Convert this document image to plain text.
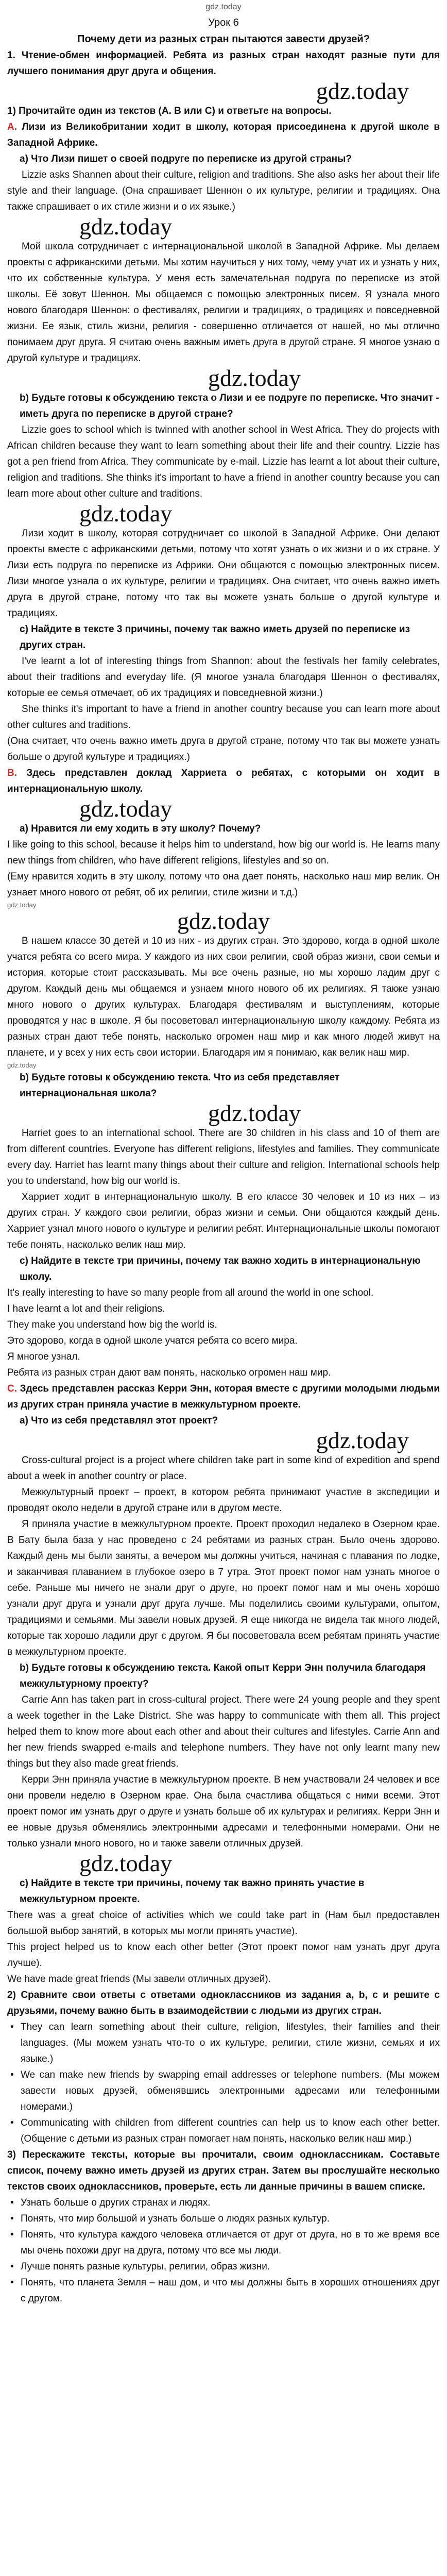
gdz.today
Урок 6
Почему дети из разных стран пытаются завести друзей?

1. Чтение-обмен информацией. Ребята из разных стран находят разные пути для лучшего понимания друг друга и общения.

gdz.today

1) Прочитайте один из текстов (A. B или C) и ответьте на вопросы.

A. Лизи из Великобритании ходит в школу, которая присоединена к другой школе в Западной Африке.

a) Что Лизи пишет о своей подруге по переписке из другой страны?

Lizzie asks Shannen about their culture, religion and traditions. She also asks her about their life style and their language. (Она спрашивает Шеннон о их культуре, религии и традициях. Она также спрашивает о их стиле жизни и о их языке.)

gdz.today

Мой школа сотрудничает с интернациональной школой в Западной Африке. Мы делаем проекты с африканскими детьми. Мы хотим научиться у них тому, чему учат их и узнать у них, что их собственные культура. У меня есть замечательная подруга по переписке из этой школы. Её зовут Шеннон. Мы общаемся с помощью электронных писем. Я узнала много нового благодаря Шеннон: о фестивалях, религии и традициях, о традициях и повседневной жизни. Ее язык, стиль жизни, религия - совершенно отличается от нашей, но мы отлично понимаем друг друга. Я считаю очень важным иметь друга в другой стране. Я многое узнаю о другой культуре и традициях.

gdz.today

b) Будьте готовы к обсуждению текста о Лизи и ее подруге по переписке. Что значит - иметь друга по переписке в другой стране?

Lizzie goes to school which is twinned with another school in West Africa. They do projects with African children because they want to learn something about their life and their country. Lizzie has got a pen friend from Africa. They communicate by e-mail. Lizzie has learnt a lot about their culture, religion and traditions. She thinks it's important to have a friend in another country because you can learn more about other culture and traditions.

gdz.today

Лизи ходит в школу, которая сотрудничает со школой в Западной Африке. Они делают проекты вместе с африканскими детьми, потому что хотят узнать о их жизни и о их стране. У Лизи есть подруга по переписке из Африки. Они общаются с помощью электронных писем. Лизи многое узнала о их культуре, религии и традициях. Она считает, что очень важно иметь друга в другой стране, потому что так вы можете узнать больше о другой культуре и традициях.

c) Найдите в тексте 3 причины, почему так важно иметь друзей по переписке из других стран.

I've learnt a lot of interesting things from Shannon: about the festivals her family celebrates, about their traditions and everyday life. (Я многое узнала благодаря Шеннон о фестивалях, которые ее семья отмечает, об их традициях и повседневной жизни.)

She thinks it's important to have a friend in another country because you can learn more about other cultures and traditions.

(Она считает, что очень важно иметь друга в другой стране, потому что так вы можете узнать больше о другой культуре и традициях.)

B. Здесь представлен доклад Харриета о ребятах, с которыми он ходит в интернациональную школу.

gdz.today

a) Нравится ли ему ходить в эту школу? Почему?

I like going to this school, because it helps him to understand, how big our world is. He learns many new things from children, who have different religions, lifestyles and so on.

(Ему нравится ходить в эту школу, потому что она дает понять, насколько наш мир велик. Он узнает много нового от ребят, об их религии, стиле жизни и т.д.)

gdz.today
gdz.today

В нашем классе 30 детей и 10 из них - из других стран. Это здорово, когда в одной школе учатся ребята со всего мира. У каждого из них свои религии, свой образ жизни, свои семьи и история, которые стоит рассказывать. Мы все очень разные, но мы хорошо ладим друг с другом. Каждый день мы общаемся и узнаем много нового об их религиях. Я также узнаю много нового о других культурах. Благодаря фестивалям и выступлениям, которые проводятся у нас в школе. Я бы посоветовал интернациональную школу каждому. Ребята из разных стран дают тебе понять, насколько огромен наш мир и как много людей живут на планете, и у всех у них есть свои истории. Благодаря им я понимаю, как велик наш мир.

gdz.today

b) Будьте готовы к обсуждению текста. Что из себя представляет интернациональная школа?

gdz.today

Harriet goes to an international school. There are 30 children in his class and 10 of them are from different countries. Everyone has different religions, lifestyles and families. They communicate every day. Harriet has learnt many things about their culture and religion. International schools help you to understand, how big our world is.

Харриет ходит в интернациональную школу. В его классе 30 человек и 10 из них – из других стран. У каждого свои религии, образ жизни и семьи. Они общаются каждый день. Харриет узнал много нового о культуре и религии ребят. Интернациональные школы помогают тебе понять, насколько велик наш мир.

c) Найдите в тексте три причины, почему так важно ходить в интернациональную школу.

It's really interesting to have so many people from all around the world in one school.

I have learnt a lot and their religions.

They make you understand how big the world is.

Это здорово, когда в одной школе учатся ребята со всего мира.

Я многое узнал.

Ребята из разных стран дают вам понять, насколько огромен наш мир.

C. Здесь представлен рассказ Керри Энн, которая вместе с другими молодыми людьми из других стран приняла участие в межкультурном проекте.

a) Что из себя представлял этот проект?

gdz.today

Cross-cultural project is a project where children take part in some kind of expedition and spend about a week in another country or place.

Межкультурный проект – проект, в котором ребята принимают участие в экспедиции и проводят около недели в другой стране или в другом месте.

Я приняла участие в межкультурном проекте. Проект проходил недалеко в Озерном крае. В Бату была база у нас проведено с 24 ребятами из разных стран. Было очень здорово. Каждый день мы были заняты, а вечером мы должны учиться, начиная с плавания по лодке, и заканчивая плаванием в глубокое озеро в 7 утра. Этот проект помог нам узнать многое о себе. Раньше мы ничего не знали друг о друге, но проект помог нам и мы очень хорошо узнали друг друга и узнали друг друга лучше. Мы поделились своими культурами, опытом, традициями и семьями. Мы завели новых друзей. Я еще никогда не видела так много людей, которые так хорошо ладили друг с другом. Я бы посоветовала всем ребятам принять участие в межкультурном проекте.

b) Будьте готовы к обсуждению текста. Какой опыт Керри Энн получила благодаря межкультурному проекту?

Carrie Ann has taken part in cross-cultural project. There were 24 young people and they spent a week together in the Lake District. She was happy to communicate with them all. This project helped them to know more about each other and about their cultures and lifestyles. Carrie Ann and her new friends swapped e-mails and telephone numbers. They have not only learnt many new things but they also made great friends.

Керри Энн приняла участие в межкультурном проекте. В нем участвовали 24 человек и все они провели неделю в Озерном крае. Она была счастлива общаться с ними всеми. Этот проект помог им узнать друг о друге и узнать больше об их культурах и религиях. Керри Энн и ее новые друзья обменялись электронными адресами и телефонными номерами. Они не только узнали много нового, но и также завели отличных друзей.

gdz.today

c) Найдите в тексте три причины, почему так важно принять участие в межкультурном проекте.

There was a great choice of activities which we could take part in (Нам был предоставлен большой выбор занятий, в которых мы могли принять участие).

This project helped us to know each other better (Этот проект помог нам узнать друг друга лучше).

We have made great friends (Мы завели отличных друзей).

2) Сравните свои ответы с ответами одноклассников из задания a, b, c и решите с друзьями, почему важно быть в взаимодействии с людьми из других стран.

• They can learn something about their culture, religion, lifestyles, their families and their languages. (Мы можем узнать что-то о их культуре, религии, стиле жизни, семьях и их языке.)

• We can make new friends by swapping email addresses or telephone numbers. (Мы можем завести новых друзей, обменявшись электронными адресами или телефонными номерами.)

• Communicating with children from different countries can help us to know each other better. (Общение с детьми из разных стран помогает нам понять, насколько велик наш мир.)

3) Перескажите тексты, которые вы прочитали, своим одноклассникам. Составьте список, почему важно иметь друзей из других стран. Затем вы прослушайте несколько текстов своих одноклассников, проверьте, есть ли данные причины в вашем списке.

• Узнать больше о других странах и людях.

• Понять, что мир большой и узнать больше о людях разных культур.

• Понять, что культура каждого человека отличается от друг от друга, но в то же время все мы очень похожи друг на друга, потому что все мы люди.

• Лучше понять разные культуры, религии, образ жизни.

• Понять, что планета Земля – наш дом, и что мы должны быть в хороших отношениях друг с другом.
